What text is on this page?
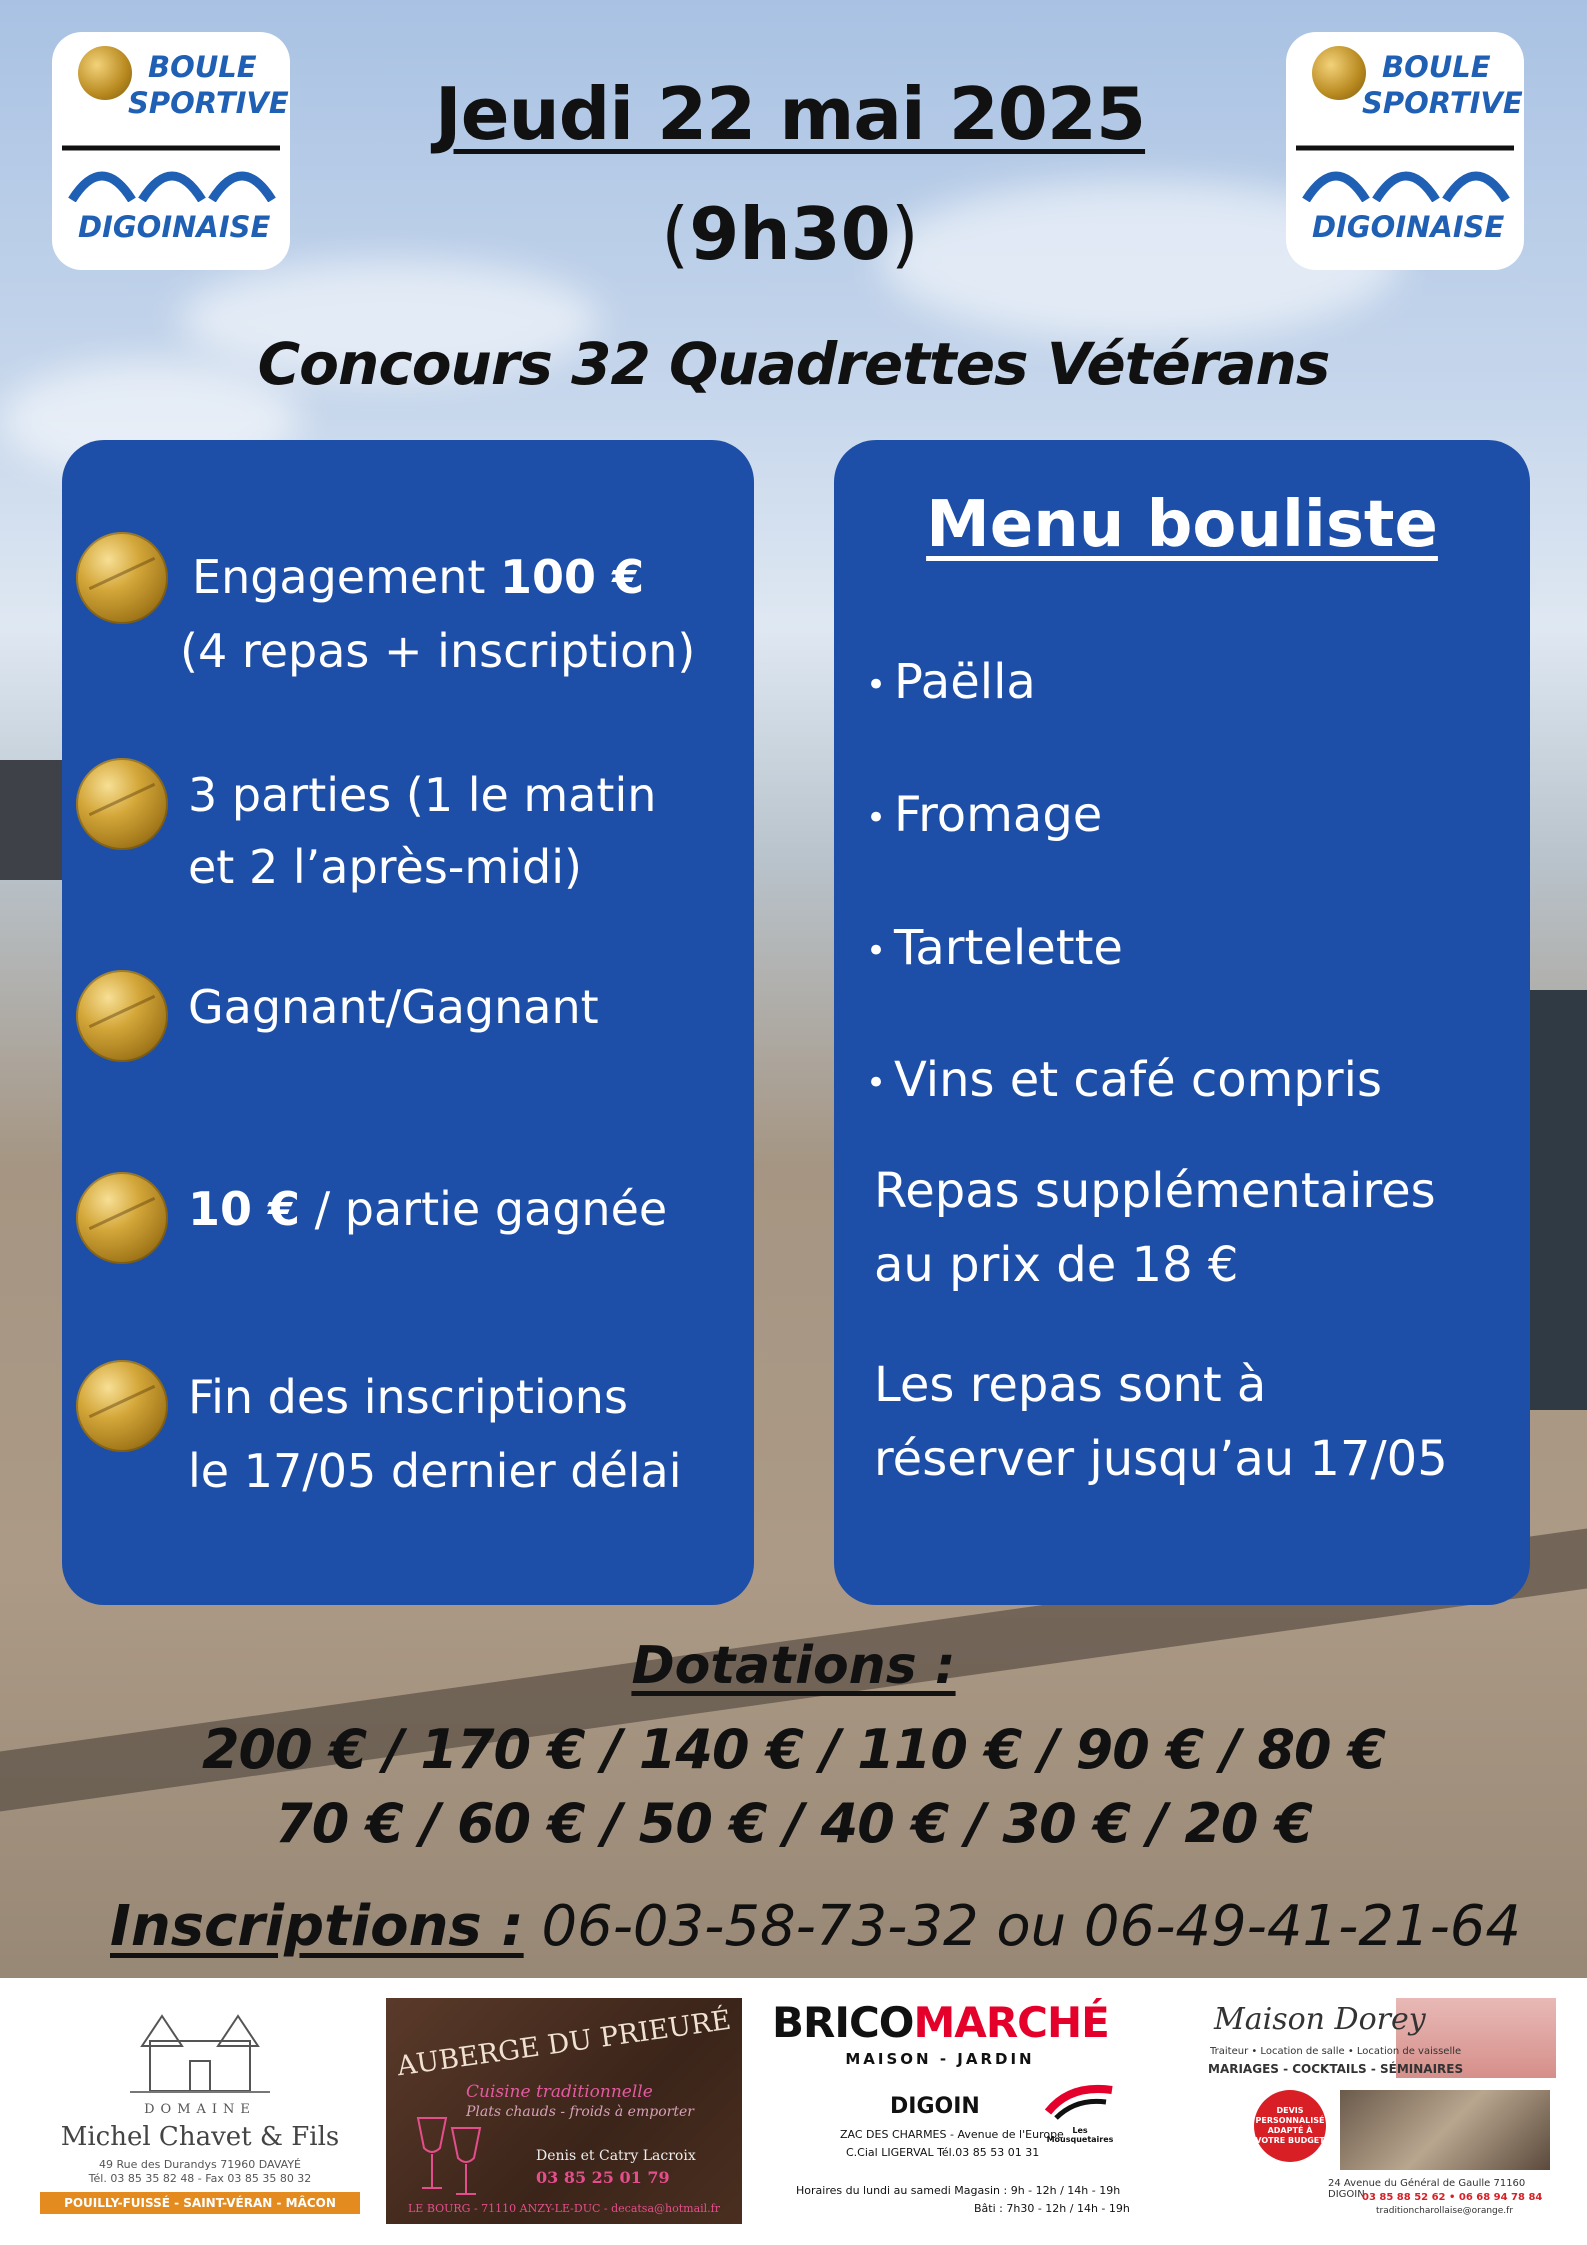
BOULE
SPORTIVE
DIGOINAISE
BOULE
SPORTIVE
DIGOINAISE
Jeudi 22 mai 2025
(9h30)
Concours 32 Quadrettes Vétérans
Engagement 100 €
(4 repas + inscription)
3 parties (1 le matin
et 2 l’après-midi)
Gagnant/Gagnant
10 € / partie gagnée
Fin des inscriptions
le 17/05 dernier délai
Menu bouliste
• Paëlla
• Fromage
• Tartelette
• Vins et café compris
Repas supplémentaires
au prix de 18 €
Les repas sont à
réserver jusqu’au 17/05
Dotations :
200 € / 170 € / 140 € / 110 € / 90 € / 80 €
70 € / 60 € / 50 € / 40 € / 30 € / 20 €
Inscriptions : 06-03-58-73-32 ou 06-49-41-21-64
DOMAINE
Michel Chavet & Fils
49 Rue des Durandys 71960 DAVAYÉ
Tél. 03 85 35 82 48 - Fax 03 85 35 80 32
POUILLY-FUISSÉ - SAINT-VÉRAN - MÂCON ROUGE
AUBERGE DU PRIEURÉ
Cuisine traditionnelle
Plats chauds - froids à emporter
Denis et Catry Lacroix
03 85 25 01 79
LE BOURG - 71110 ANZY-LE-DUC - decatsa@hotmail.fr
BRICOMARCHÉ
MAISON - JARDIN
DIGOIN
Les Mousquetaires
ZAC DES CHARMES - Avenue de l'Europe
C.Cial LIGERVAL Tél.03 85 53 01 31
Horaires du lundi au samedi Magasin : 9h - 12h / 14h - 19h
Bâti : 7h30 - 12h / 14h - 19h
Maison Dorey
Traiteur • Location de salle • Location de vaisselle
MARIAGES - COCKTAILS - SÉMINAIRES
DEVIS PERSONNALISÉ ADAPTÉ À VOTRE BUDGET
24 Avenue du Général de Gaulle 71160 DIGOIN
03 85 88 52 62 • 06 68 94 78 84
traditioncharollaise@orange.fr
